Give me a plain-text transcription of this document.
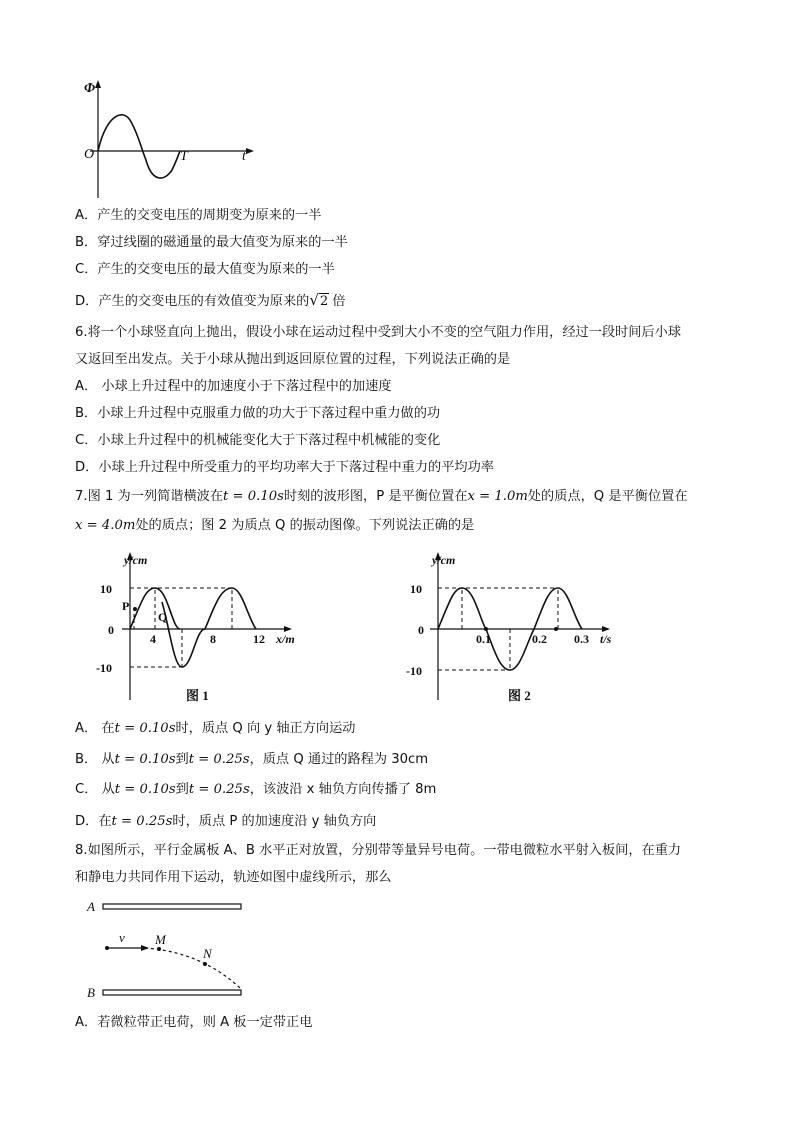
Φ
O	T	t
A．产生的交变电压的周期变为原来的一半
B．穿过线圈的磁通量的最大值变为原来的一半
C．产生的交变电压的最大值变为原来的一半
D．产生的交变电压的有效值变为原来的√2 倍
6.将一个小球竖直向上抛出，假设小球在运动过程中受到大小不变的空气阻力作用，经过一段时间后小球
又返回至出发点。关于小球从抛出到返回原位置的过程，下列说法正确的是
A． 小球上升过程中的加速度小于下落过程中的加速度
B．小球上升过程中克服重力做的功大于下落过程中重力做的功
C．小球上升过程中的机械能变化大于下落过程中机械能的变化
D．小球上升过程中所受重力的平均功率大于下落过程中重力的平均功率
7.图 1 为一列简谐横波在t = 0.10s时刻的波形图，P 是平衡位置在x = 1.0m处的质点，Q 是平衡位置在
x = 4.0m处的质点；图 2 为质点 Q 的振动图像。下列说法正确的是
y/cm
10
0
-10
P
Q
4	8	12 x/m
图 1
y/cm
10
0
-10
0.1	0.2 0.3 t/s
图 2
A． 在t = 0.10s时，质点 Q 向 y 轴正方向运动
B． 从t = 0.10s到t = 0.25s，质点 Q 通过的路程为 30cm
C． 从t = 0.10s到t = 0.25s，该波沿 x 轴负方向传播了 8m
D．在t = 0.25s时，质点 P 的加速度沿 y 轴负方向
8.如图所示，平行金属板 A、B 水平正对放置，分别带等量异号电荷。一带电微粒水平射入板间，在重力
和静电力共同作用下运动，轨迹如图中虚线所示，那么
A
B
v M
N
A．若微粒带正电荷，则 A 板一定带正电
